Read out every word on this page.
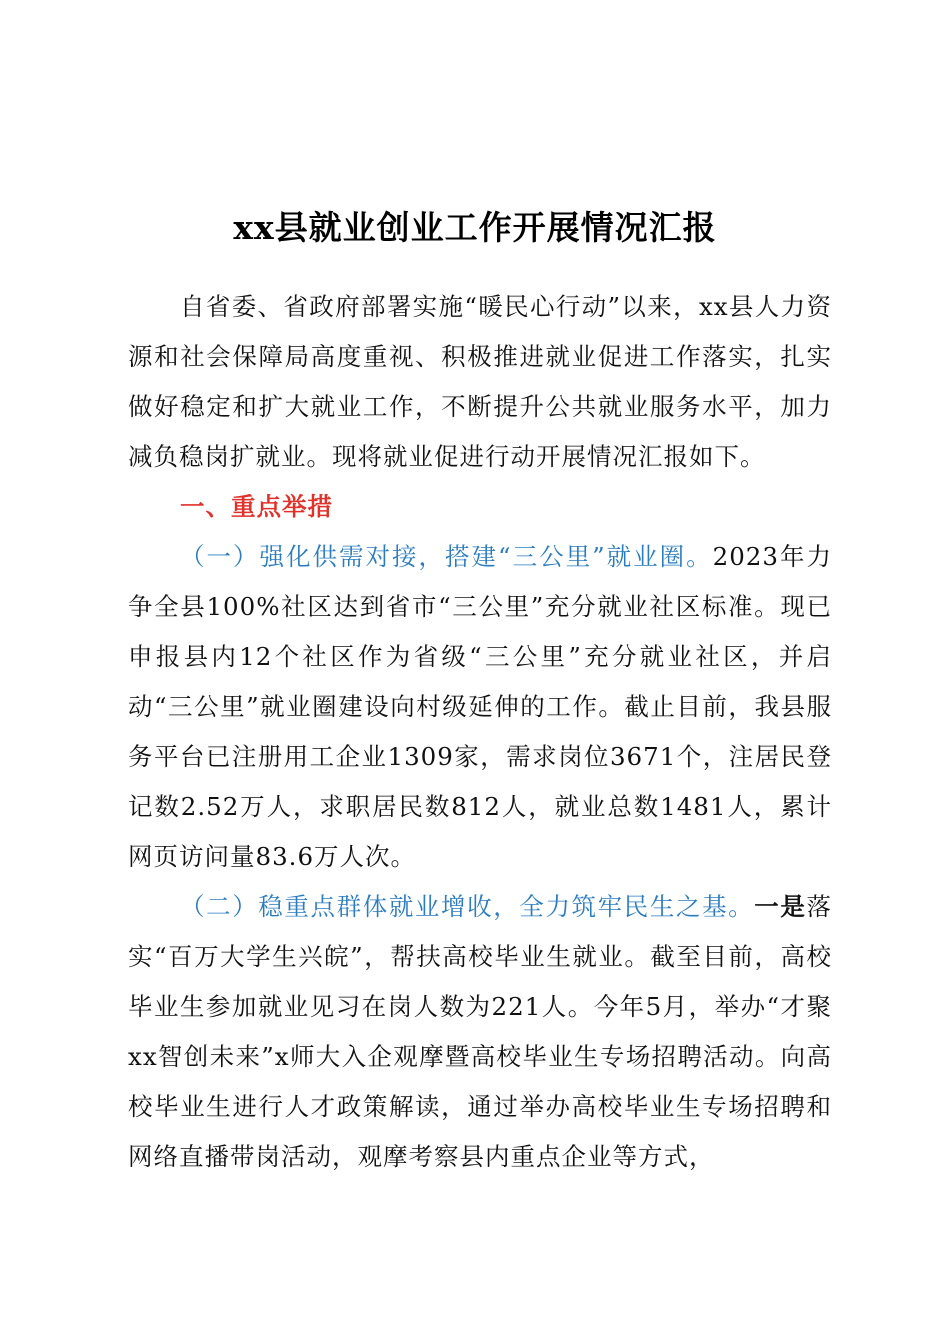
xx县就业创业工作开展情况汇报

自省委、省政府部署实施“暖民心行动”以来，xx县人力资源和社会保障局高度重视、积极推进就业促进工作落实，扎实做好稳定和扩大就业工作，不断提升公共就业服务水平，加力减负稳岗扩就业。现将就业促进行动开展情况汇报如下。

一、重点举措

（一）强化供需对接，搭建“三公里”就业圈。2023年力争全县100%社区达到省市“三公里”充分就业社区标准。现已申报县内12个社区作为省级“三公里”充分就业社区，并启动“三公里”就业圈建设向村级延伸的工作。截止目前，我县服务平台已注册用工企业1309家，需求岗位3671个，注居民登记数2.52万人，求职居民数812人，就业总数1481人，累计网页访问量83.6万人次。

（二）稳重点群体就业增收，全力筑牢民生之基。一是落实“百万大学生兴皖”，帮扶高校毕业生就业。截至目前，高校毕业生参加就业见习在岗人数为221人。今年5月，举办“才聚xx智创未来”x师大入企观摩暨高校毕业生专场招聘活动。向高校毕业生进行人才政策解读，通过举办高校毕业生专场招聘和网络直播带岗活动，观摩考察县内重点企业等方式，
